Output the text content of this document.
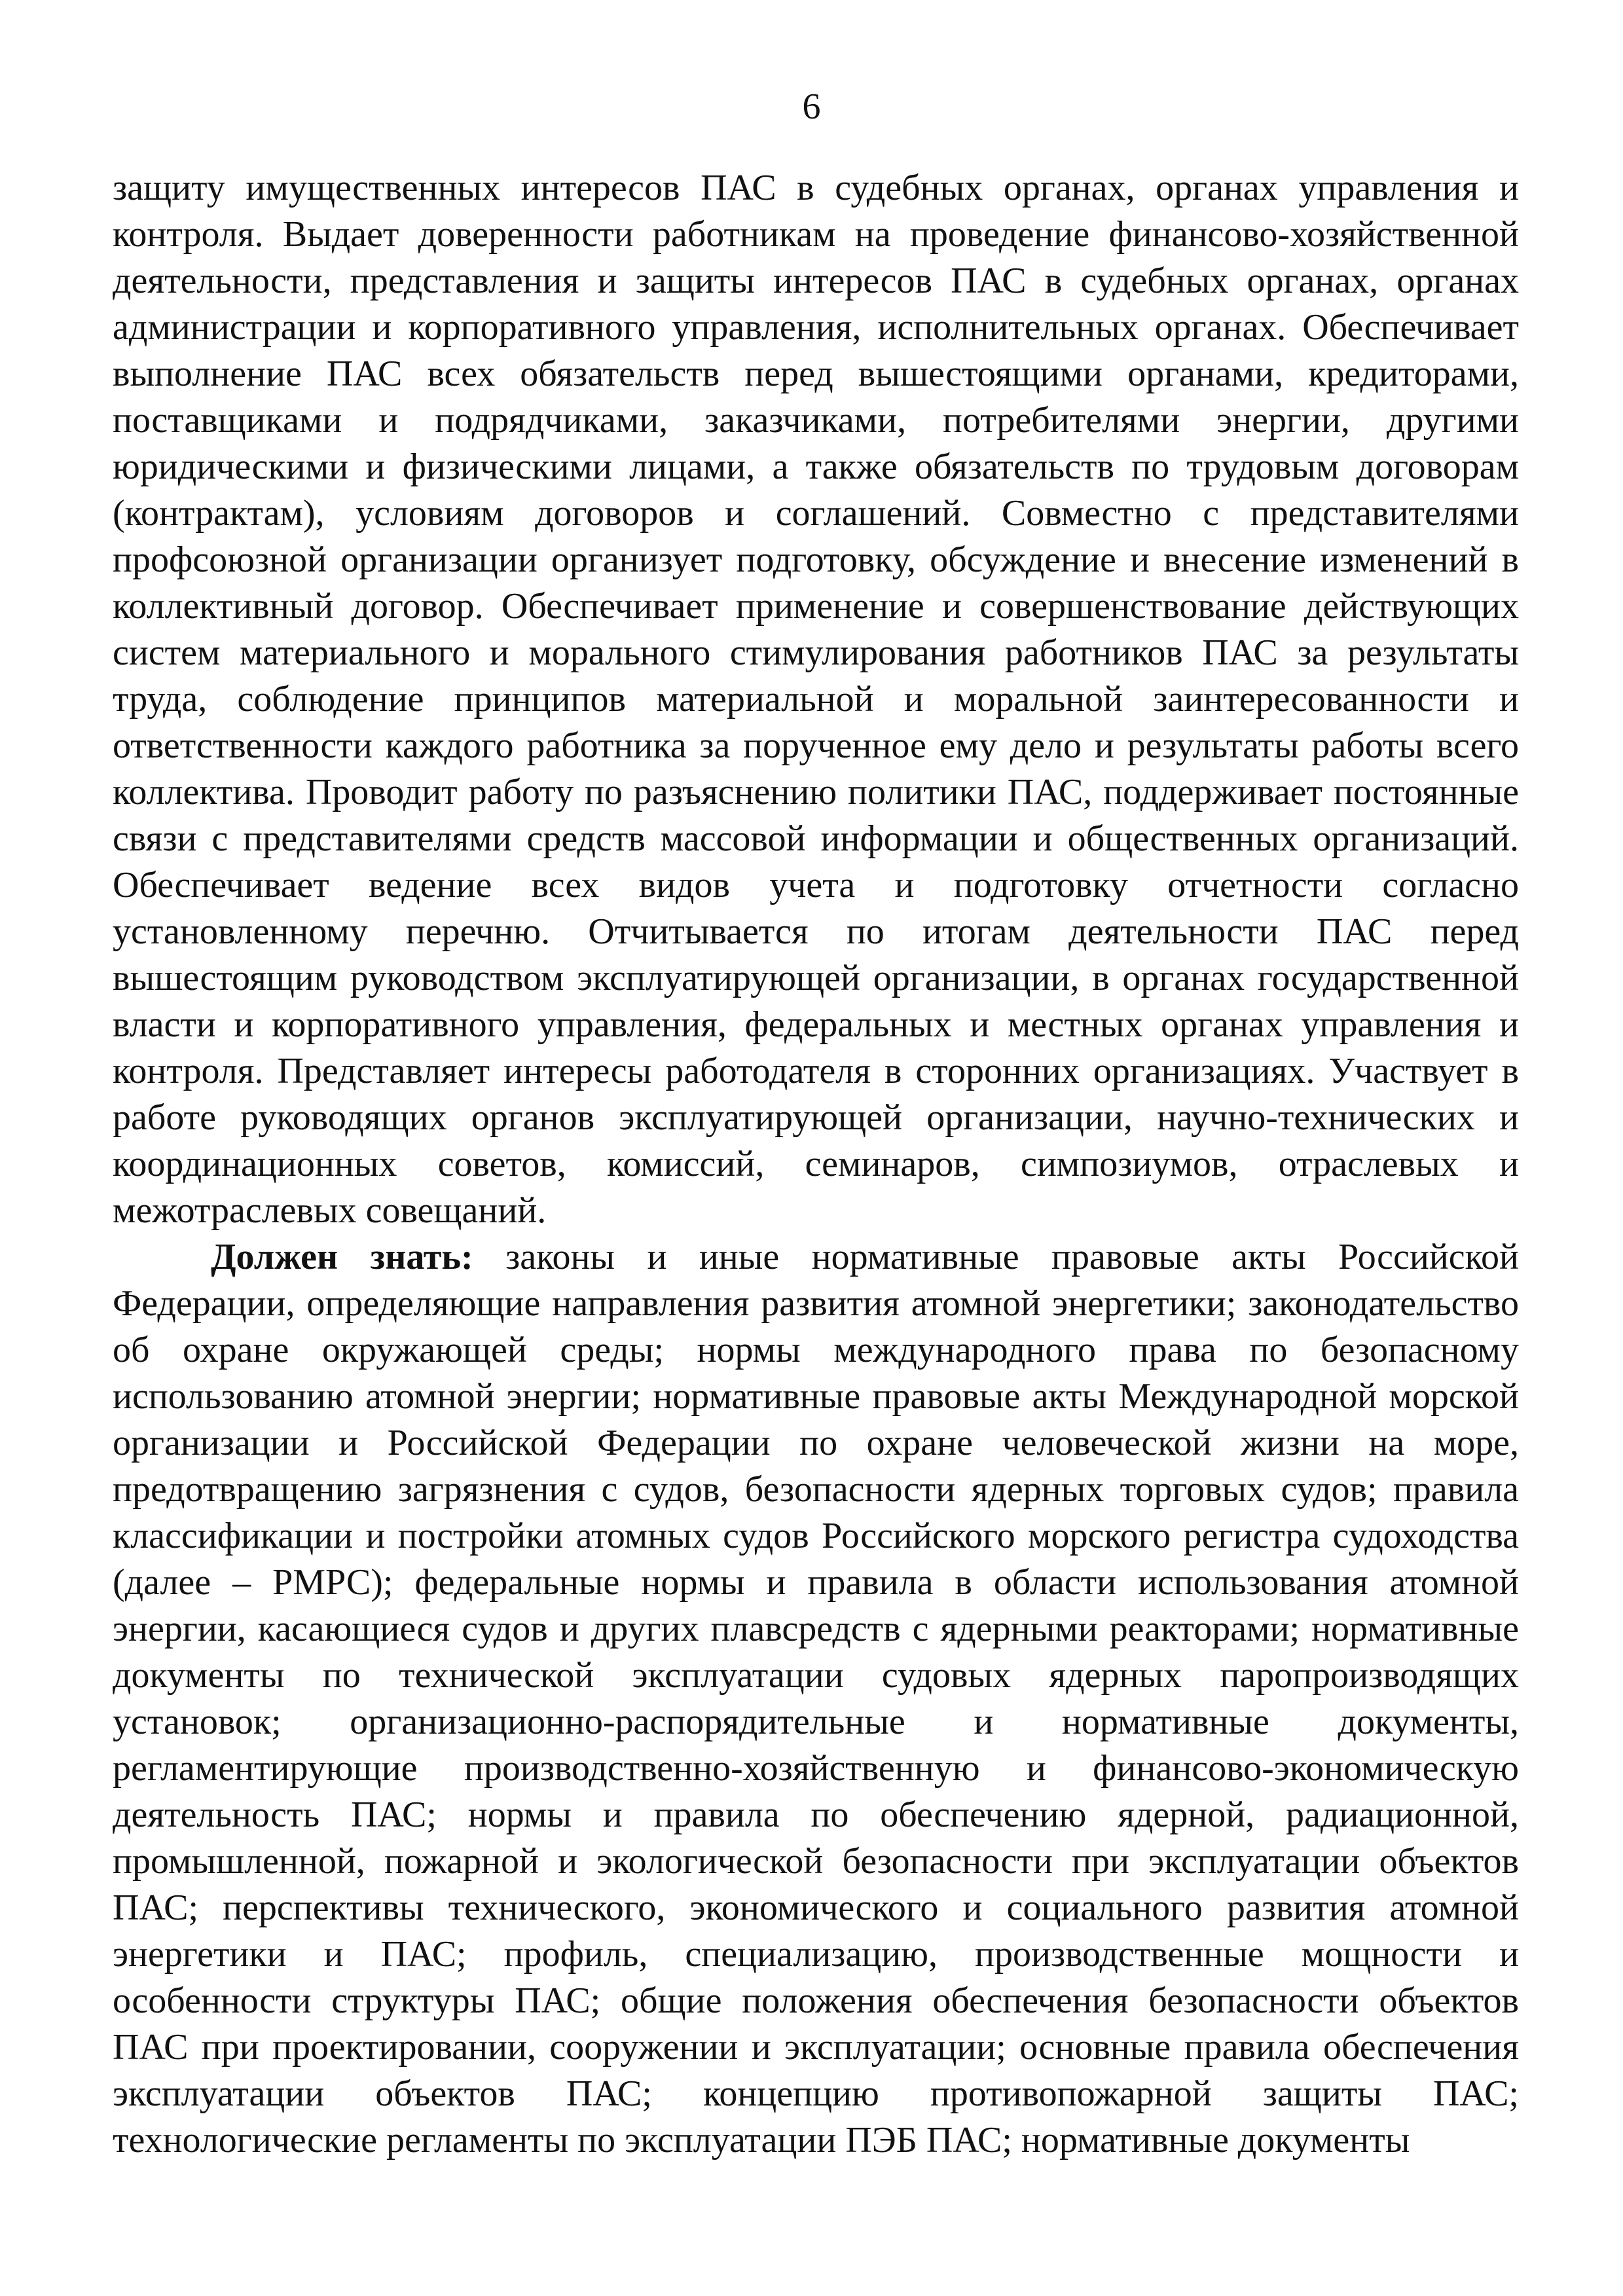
6

защиту имущественных интересов ПАС в судебных органах, органах управления и контроля. Выдает доверенности работникам на проведение финансово-хозяйственной деятельности, представления и защиты интересов ПАС в судебных органах, органах администрации и корпоративного управления, исполнительных органах. Обеспечивает выполнение ПАС всех обязательств перед вышестоящими органами, кредиторами, поставщиками и подрядчиками, заказчиками, потребителями энергии, другими юридическими и физическими лицами, а также обязательств по трудовым договорам (контрактам), условиям договоров и соглашений. Совместно с представителями профсоюзной организации организует подготовку, обсуждение и внесение изменений в коллективный договор. Обеспечивает применение и совершенствование действующих систем материального и морального стимулирования работников ПАС за результаты труда, соблюдение принципов материальной и моральной заинтересованности и ответственности каждого работника за порученное ему дело и результаты работы всего коллектива. Проводит работу по разъяснению политики ПАС, поддерживает постоянные связи с представителями средств массовой информации и общественных организаций. Обеспечивает ведение всех видов учета и подготовку отчетности согласно установленному перечню. Отчитывается по итогам деятельности ПАС перед вышестоящим руководством эксплуатирующей организации, в органах государственной власти и корпоративного управления, федеральных и местных органах управления и контроля. Представляет интересы работодателя в сторонних организациях. Участвует в работе руководящих органов эксплуатирующей организации, научно-технических и координационных советов, комиссий, семинаров, симпозиумов, отраслевых и межотраслевых совещаний.

Должен знать: законы и иные нормативные правовые акты Российской Федерации, определяющие направления развития атомной энергетики; законодательство об охране окружающей среды; нормы международного права по безопасному использованию атомной энергии; нормативные правовые акты Международной морской организации и Российской Федерации по охране человеческой жизни на море, предотвращению загрязнения с судов, безопасности ядерных торговых судов; правила классификации и постройки атомных судов Российского морского регистра судоходства (далее – РМРС); федеральные нормы и правила в области использования атомной энергии, касающиеся судов и других плавсредств с ядерными реакторами; нормативные документы по технической эксплуатации судовых ядерных паропроизводящих установок; организационно-распорядительные и нормативные документы, регламентирующие производственно-хозяйственную и финансово-экономическую деятельность ПАС; нормы и правила по обеспечению ядерной, радиационной, промышленной, пожарной и экологической безопасности при эксплуатации объектов ПАС; перспективы технического, экономического и социального развития атомной энергетики и ПАС; профиль, специализацию, производственные мощности и особенности структуры ПАС; общие положения обеспечения безопасности объектов ПАС при проектировании, сооружении и эксплуатации; основные правила обеспечения эксплуатации объектов ПАС; концепцию противопожарной защиты ПАС; технологические регламенты по эксплуатации ПЭБ ПАС; нормативные документы
